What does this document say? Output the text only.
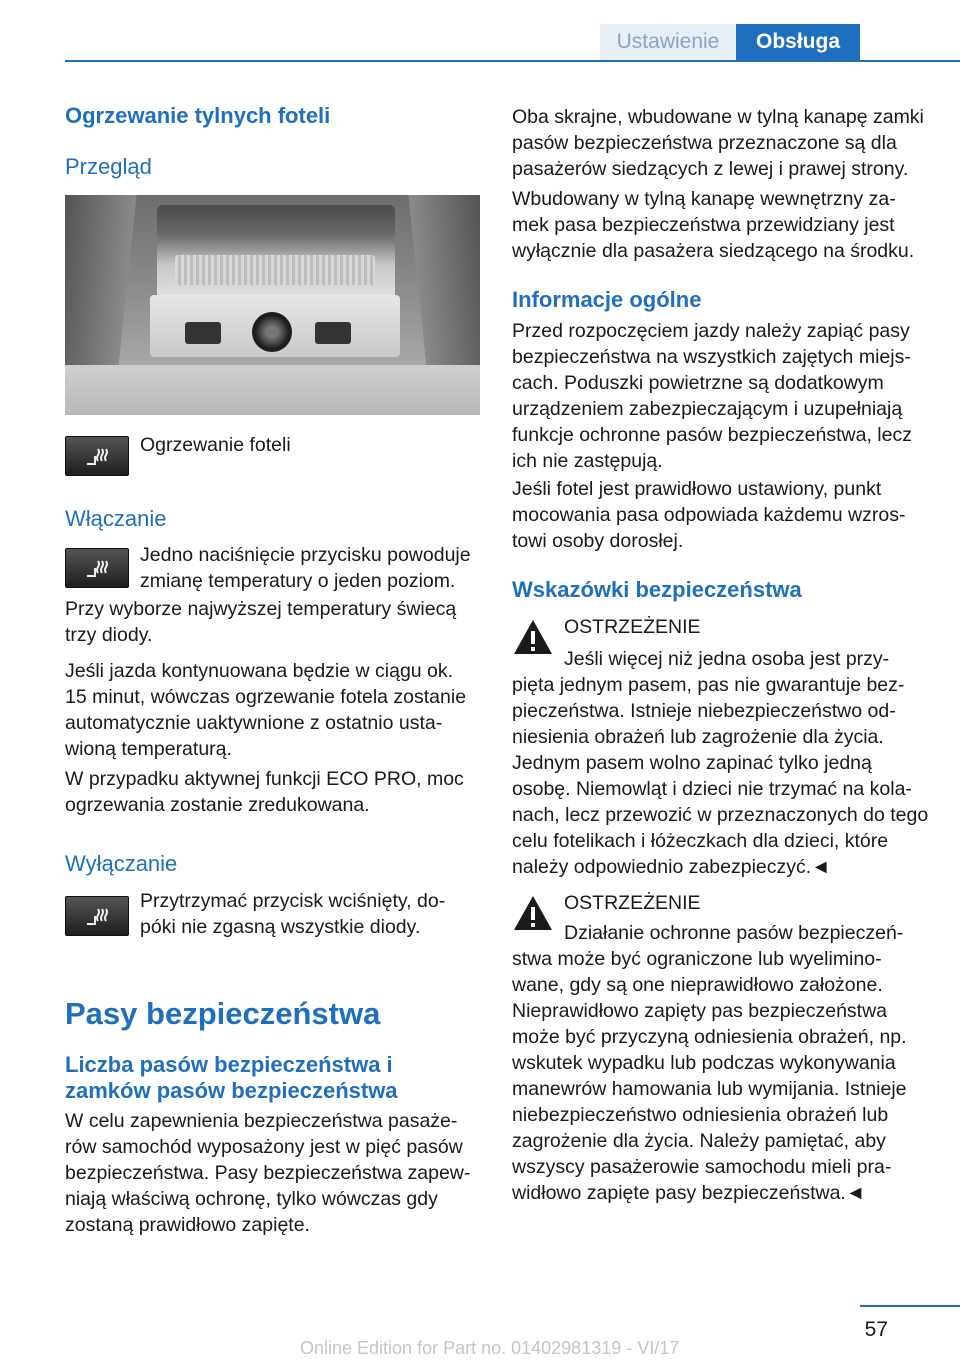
Ustawienie	Obsługa
Ogrzewanie tylnych foteli
Przegląd

Ogrzewanie foteli

Włączanie

Jedno naciśnięcie przycisku powoduje zmianę temperatury o jeden poziom.

Przy wyborze najwyższej temperatury świecą trzy diody.

Jeśli jazda kontynuowana będzie w ciągu ok. 15 minut, wówczas ogrzewanie fotela zostanie automatycznie uaktywnione z ostatnio usta‐ wioną temperaturą.

W przypadku aktywnej funkcji ECO PRO, moc ogrzewania zostanie zredukowana.

Wyłączanie

Przytrzymać przycisk wciśnięty, do‐ póki nie zgasną wszystkie diody.

Pasy bezpieczeństwa
Liczba pasów bezpieczeństwa i zamków pasów bezpieczeństwa

W celu zapewnienia bezpieczeństwa pasaże‐ rów samochód wyposażony jest w pięć pasów bezpieczeństwa. Pasy bezpieczeństwa zapew‐ niają właściwą ochronę, tylko wówczas gdy zostaną prawidłowo zapięte.

Oba skrajne, wbudowane w tylną kanapę zamki pasów bezpieczeństwa przeznaczone są dla pasażerów siedzących z lewej i prawej strony.

Wbudowany w tylną kanapę wewnętrzny za‐ mek pasa bezpieczeństwa przewidziany jest wyłącznie dla pasażera siedzącego na środku.

Informacje ogólne

Przed rozpoczęciem jazdy należy zapiąć pasy bezpieczeństwa na wszystkich zajętych miejs‐ cach. Poduszki powietrzne są dodatkowym urządzeniem zabezpieczającym i uzupełniają funkcje ochronne pasów bezpieczeństwa, lecz ich nie zastępują.

Jeśli fotel jest prawidłowo ustawiony, punkt mocowania pasa odpowiada każdemu wzros‐ towi osoby dorosłej.

Wskazówki bezpieczeństwa

OSTRZEŻENIE

Jeśli więcej niż jedna osoba jest przy‐ pięta jednym pasem, pas nie gwarantuje bez‐ pieczeństwa. Istnieje niebezpieczeństwo od‐ niesienia obrażeń lub zagrożenie dla życia. Jednym pasem wolno zapinać tylko jedną osobę. Niemowląt i dzieci nie trzymać na kola‐ nach, lecz przewozić w przeznaczonych do tego celu fotelikach i łóżeczkach dla dzieci, które należy odpowiednio zabezpieczyć.◄

OSTRZEŻENIE

Działanie ochronne pasów bezpieczeń‐ stwa może być ograniczone lub wyelimino‐ wane, gdy są one nieprawidłowo założone. Nieprawidłowo zapięty pas bezpieczeństwa może być przyczyną odniesienia obrażeń, np. wskutek wypadku lub podczas wykonywania manewrów hamowania lub wymijania. Istnieje niebezpieczeństwo odniesienia obrażeń lub zagrożenie dla życia. Należy pamiętać, aby wszyscy pasażerowie samochodu mieli pra‐ widłowo zapięte pasy bezpieczeństwa.◄

57
Online Edition for Part no. 01402981319 - VI/17
